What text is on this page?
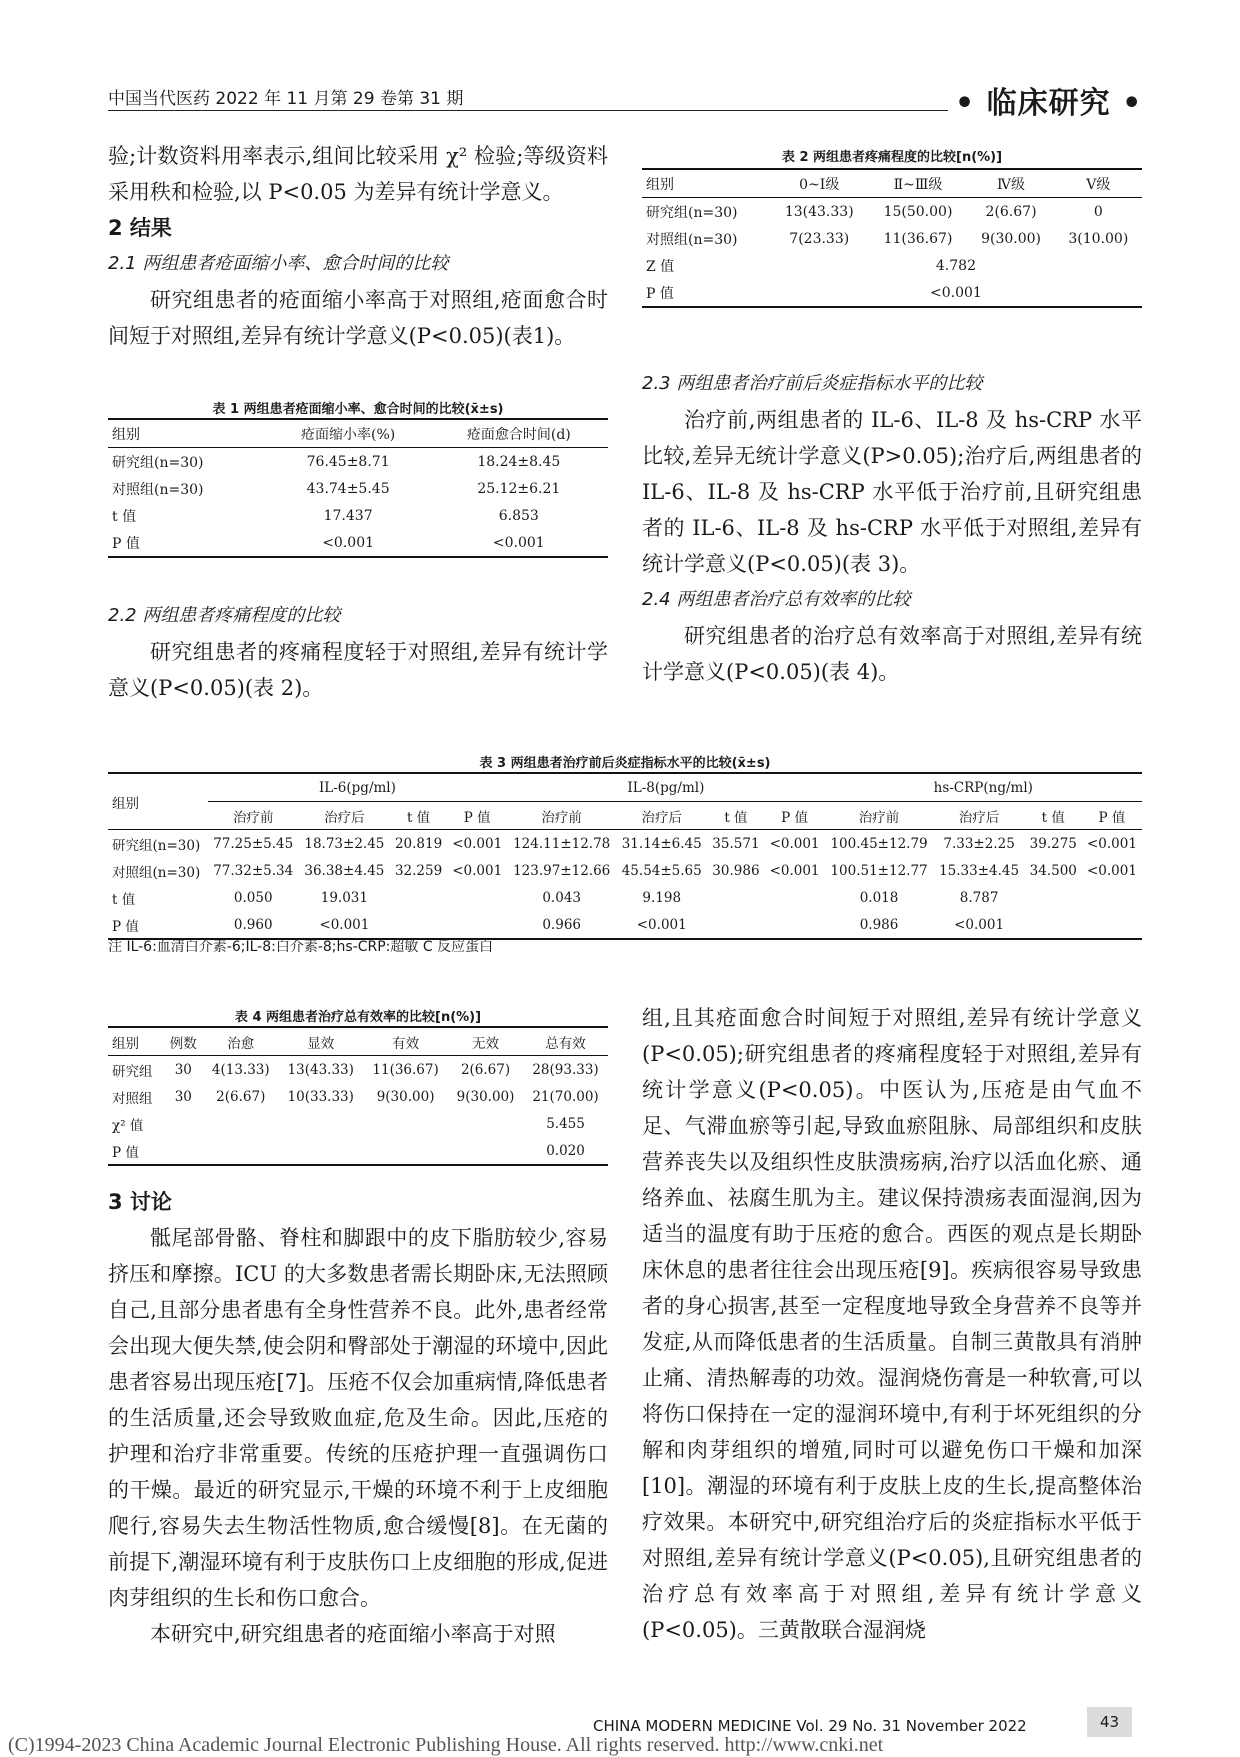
中国当代医药 2022 年 11 月第 29 卷第 31 期	• 临床研究 •

验;计数资料用率表示,组间比较采用 χ² 检验;等级资料采用秩和检验,以 P<0.05 为差异有统计学意义。

2 结果

2.1 两组患者疮面缩小率、愈合时间的比较

研究组患者的疮面缩小率高于对照组,疮面愈合时间短于对照组,差异有统计学意义(P<0.05)(表1)。

表 1 两组患者疮面缩小率、愈合时间的比较(x̄±s)
组别	疮面缩小率(%)	疮面愈合时间(d)
研究组(n=30)	76.45±8.71	18.24±8.45
对照组(n=30)	43.74±5.45	25.12±6.21
t 值	17.437	6.853
P 值	<0.001	<0.001

2.2 两组患者疼痛程度的比较

研究组患者的疼痛程度轻于对照组,差异有统计学意义(P<0.05)(表 2)。

表 2 两组患者疼痛程度的比较[n(%)]
组别	0~Ⅰ级	Ⅱ~Ⅲ级	Ⅳ级	Ⅴ级
研究组(n=30)	13(43.33)	15(50.00)	2(6.67)	0
对照组(n=30)	7(23.33)	11(36.67)	9(30.00)	3(10.00)
Z 值	4.782			
P 值	<0.001			

2.3 两组患者治疗前后炎症指标水平的比较

治疗前,两组患者的 IL-6、IL-8 及 hs-CRP 水平比较,差异无统计学意义(P>0.05);治疗后,两组患者的 IL-6、IL-8 及 hs-CRP 水平低于治疗前,且研究组患者的 IL-6、IL-8 及 hs-CRP 水平低于对照组,差异有统计学意义(P<0.05)(表 3)。

2.4 两组患者治疗总有效率的比较

研究组患者的治疗总有效率高于对照组,差异有统计学意义(P<0.05)(表 4)。

表 3 两组患者治疗前后炎症指标水平的比较(x̄±s)
组别	IL-6(pg/ml)				IL-8(pg/ml)				hs-CRP(ng/ml)			
	治疗前	治疗后	t 值	P 值	治疗前	治疗后	t 值	P 值	治疗前	治疗后	t 值	P 值
研究组(n=30)	77.25±5.45	18.73±2.45	20.819	<0.001	124.11±12.78	31.14±6.45	35.571	<0.001	100.45±12.79	7.33±2.25	39.275	<0.001
对照组(n=30)	77.32±5.34	36.38±4.45	32.259	<0.001	123.97±12.66	45.54±5.65	30.986	<0.001	100.51±12.77	15.33±4.45	34.500	<0.001
t 值	0.050	19.031			0.043	9.198			0.018	8.787		
P 值	0.960	<0.001			0.966	<0.001			0.986	<0.001		
注 IL-6:血清白介素-6;IL-8:白介素-8;hs-CRP:超敏 C 反应蛋白
表 4 两组患者治疗总有效率的比较[n(%)]
组别	例数	治愈	显效	有效	无效	总有效
研究组	30	4(13.33)	13(43.33)	11(36.67)	2(6.67)	28(93.33)
对照组	30	2(6.67)	10(33.33)	9(30.00)	9(30.00)	21(70.00)
χ² 值						5.455
P 值						0.020

3 讨论

骶尾部骨骼、脊柱和脚跟中的皮下脂肪较少,容易挤压和摩擦。ICU 的大多数患者需长期卧床,无法照顾自己,且部分患者患有全身性营养不良。此外,患者经常会出现大便失禁,使会阴和臀部处于潮湿的环境中,因此患者容易出现压疮[7]。压疮不仅会加重病情,降低患者的生活质量,还会导致败血症,危及生命。因此,压疮的护理和治疗非常重要。传统的压疮护理一直强调伤口的干燥。最近的研究显示,干燥的环境不利于上皮细胞爬行,容易失去生物活性物质,愈合缓慢[8]。在无菌的前提下,潮湿环境有利于皮肤伤口上皮细胞的形成,促进肉芽组织的生长和伤口愈合。

本研究中,研究组患者的疮面缩小率高于对照

组,且其疮面愈合时间短于对照组,差异有统计学意义(P<0.05);研究组患者的疼痛程度轻于对照组,差异有统计学意义(P<0.05)。中医认为,压疮是由气血不足、气滞血瘀等引起,导致血瘀阻脉、局部组织和皮肤营养丧失以及组织性皮肤溃疡病,治疗以活血化瘀、通络养血、祛腐生肌为主。建议保持溃疡表面湿润,因为适当的温度有助于压疮的愈合。西医的观点是长期卧床休息的患者往往会出现压疮[9]。疾病很容易导致患者的身心损害,甚至一定程度地导致全身营养不良等并发症,从而降低患者的生活质量。自制三黄散具有消肿止痛、清热解毒的功效。湿润烧伤膏是一种软膏,可以将伤口保持在一定的湿润环境中,有利于坏死组织的分解和肉芽组织的增殖,同时可以避免伤口干燥和加深[10]。潮湿的环境有利于皮肤上皮的生长,提高整体治疗效果。本研究中,研究组治疗后的炎症指标水平低于对照组,差异有统计学意义(P<0.05),且研究组患者的治疗总有效率高于对照组,差异有统计学意义(P<0.05)。三黄散联合湿润烧

CHINA MODERN MEDICINE Vol. 29 No. 31 November 2022	43
(C)1994-2023 China Academic Journal Electronic Publishing House. All rights reserved. http://www.cnki.net
